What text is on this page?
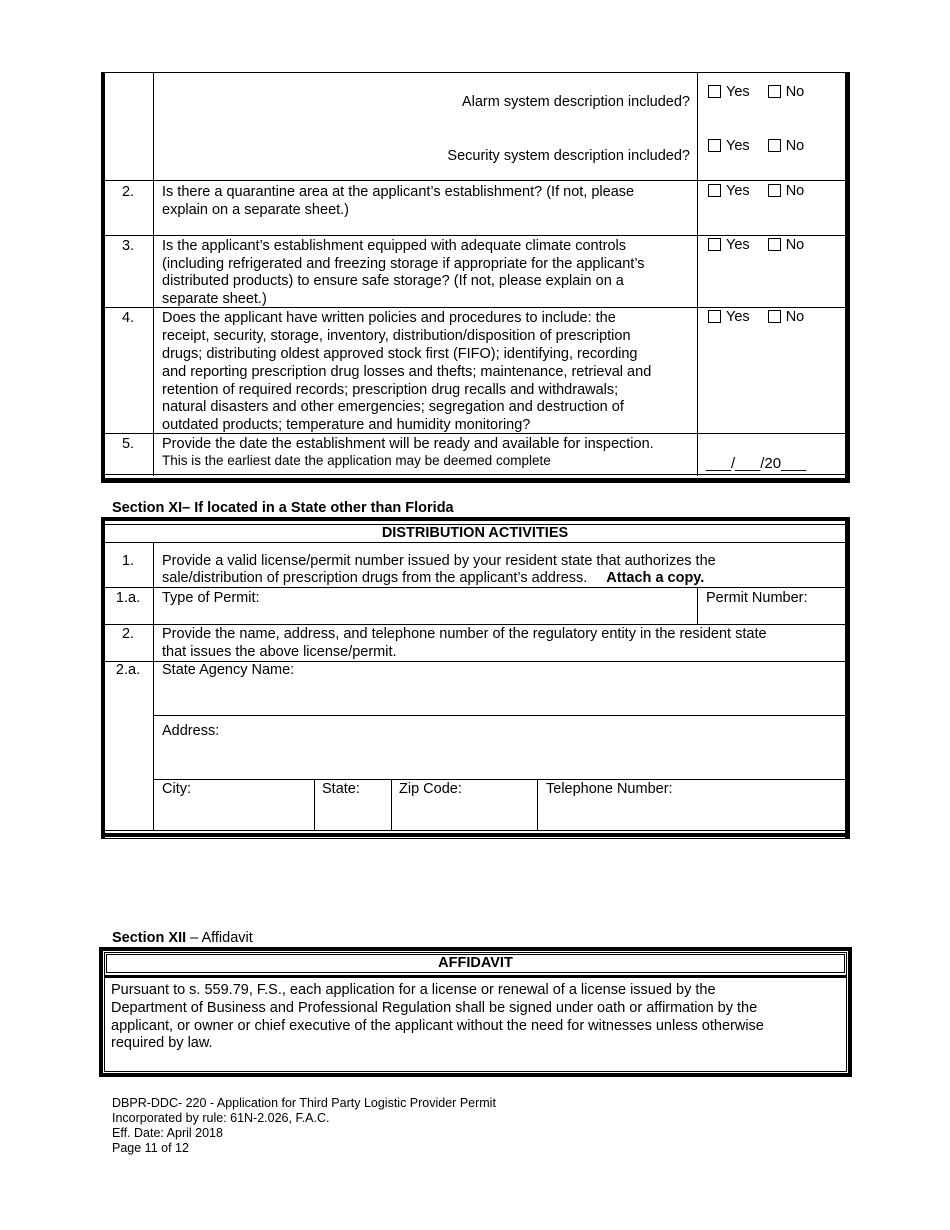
Alarm system description included?
Yes No
Security system description included?
Yes No
2.	Is there a quarantine area at the applicant’s establishment? (If not, please
explain on a separate sheet.)
Yes No
3.	Is the applicant’s establishment equipped with adequate climate controls
(including refrigerated and freezing storage if appropriate for the applicant’s
distributed products) to ensure safe storage? (If not, please explain on a
separate sheet.)
Yes No
4.	Does the applicant have written policies and procedures to include: the
receipt, security, storage, inventory, distribution/disposition of prescription
drugs; distributing oldest approved stock first (FIFO); identifying, recording
and reporting prescription drug losses and thefts; maintenance, retrieval and
retention of required records; prescription drug recalls and withdrawals;
natural disasters and other emergencies; segregation and destruction of
outdated products; temperature and humidity monitoring?
Yes No
5.	Provide the date the establishment will be ready and available for inspection.
This is the earliest date the application may be deemed complete	___/___/20___
Section XI– If located in a State other than Florida
DISTRIBUTION ACTIVITIES
1.	Provide a valid license/permit number issued by your resident state that authorizes the
sale/distribution of prescription drugs from the applicant’s address. Attach a copy.
1.a.	Type of Permit:	Permit Number:
2.	Provide the name, address, and telephone number of the regulatory entity in the resident state
that issues the above license/permit.
2.a.	State Agency Name:
Address:
City:	State:	Zip Code:	Telephone Number:
Section XII – Affidavit
AFFIDAVIT
Pursuant to s. 559.79, F.S., each application for a license or renewal of a license issued by the
Department of Business and Professional Regulation shall be signed under oath or affirmation by the
applicant, or owner or chief executive of the applicant without the need for witnesses unless otherwise
required by law.
DBPR-DDC- 220 - Application for Third Party Logistic Provider Permit
Incorporated by rule: 61N-2.026, F.A.C.
Eff. Date: April 2018
Page 11 of 12
